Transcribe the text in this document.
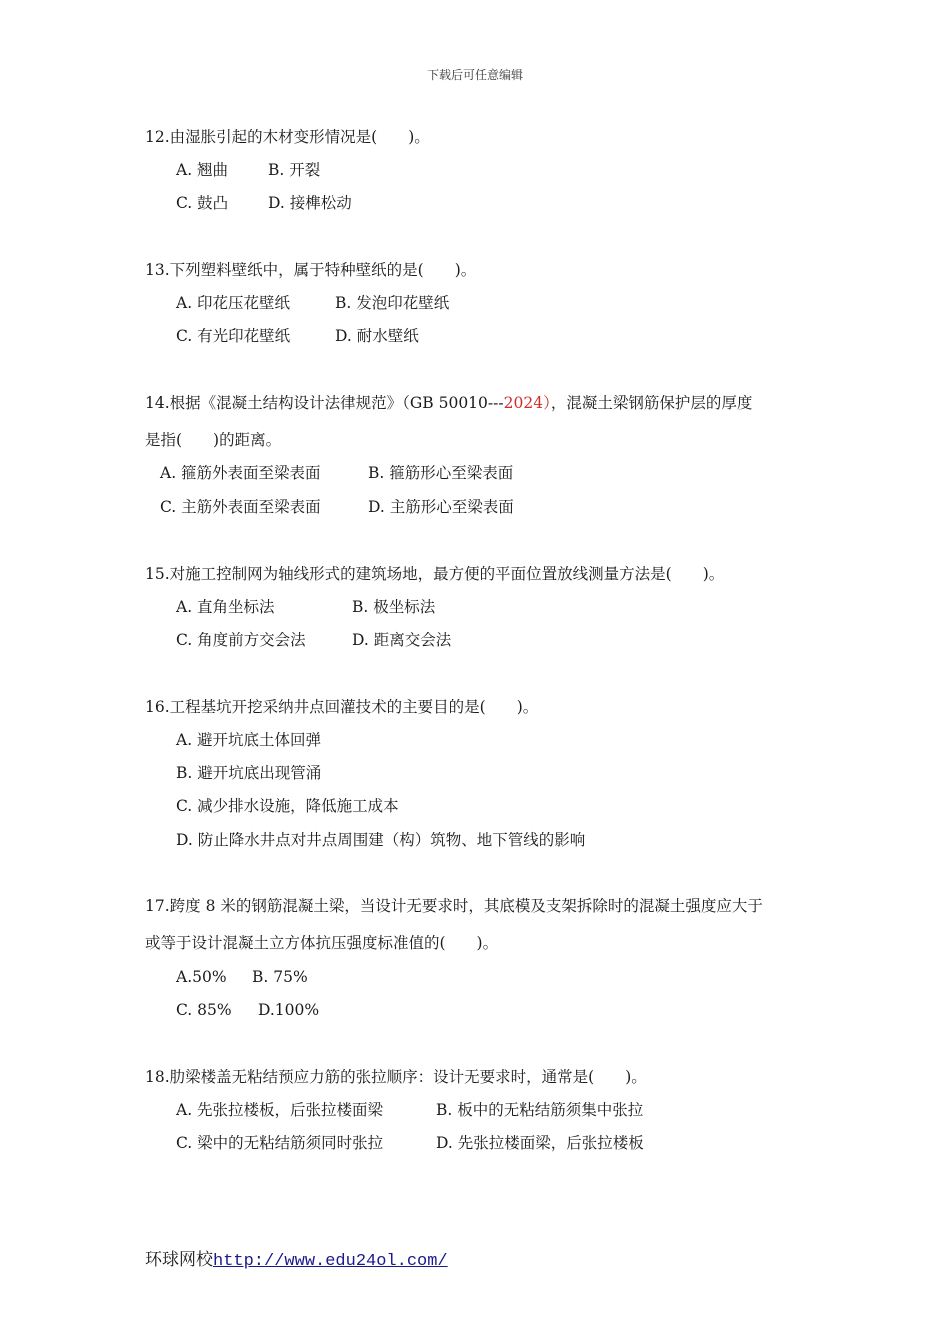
下载后可任意编辑
12.由湿胀引起的木材变形情况是(　　)。
A. 翘曲	B. 开裂
C. 鼓凸	D. 接榫松动
13.下列塑料壁纸中，属于特种壁纸的是(　　)。
A. 印花压花壁纸	B. 发泡印花壁纸
C. 有光印花壁纸	D. 耐水壁纸
14.根据《混凝土结构设计法律规范》（GB 50010---2024），混凝土梁钢筋保护层的厚度
是指(　　)的距离。
A. 箍筋外表面至梁表面	B. 箍筋形心至梁表面
C. 主筋外表面至梁表面	D. 主筋形心至梁表面
15.对施工控制网为轴线形式的建筑场地，最方便的平面位置放线测量方法是(　　)。
A. 直角坐标法	B. 极坐标法
C. 角度前方交会法	D. 距离交会法
16.工程基坑开挖采纳井点回灌技术的主要目的是(　　)。
A. 避开坑底土体回弹
B. 避开坑底出现管涌
C. 减少排水设施，降低施工成本
D. 防止降水井点对井点周围建（构）筑物、地下管线的影响
17.跨度 8 米的钢筋混凝土梁，当设计无要求时，其底模及支架拆除时的混凝土强度应大于
或等于设计混凝土立方体抗压强度标准值的(　　)。
A.50% B. 75%
C. 85% D.100%
18.肋梁楼盖无粘结预应力筋的张拉顺序：设计无要求时，通常是(　　)。
A. 先张拉楼板，后张拉楼面梁	B. 板中的无粘结筋须集中张拉
C. 梁中的无粘结筋须同时张拉	D. 先张拉楼面梁，后张拉楼板
环球网校http://www.edu24ol.com/
